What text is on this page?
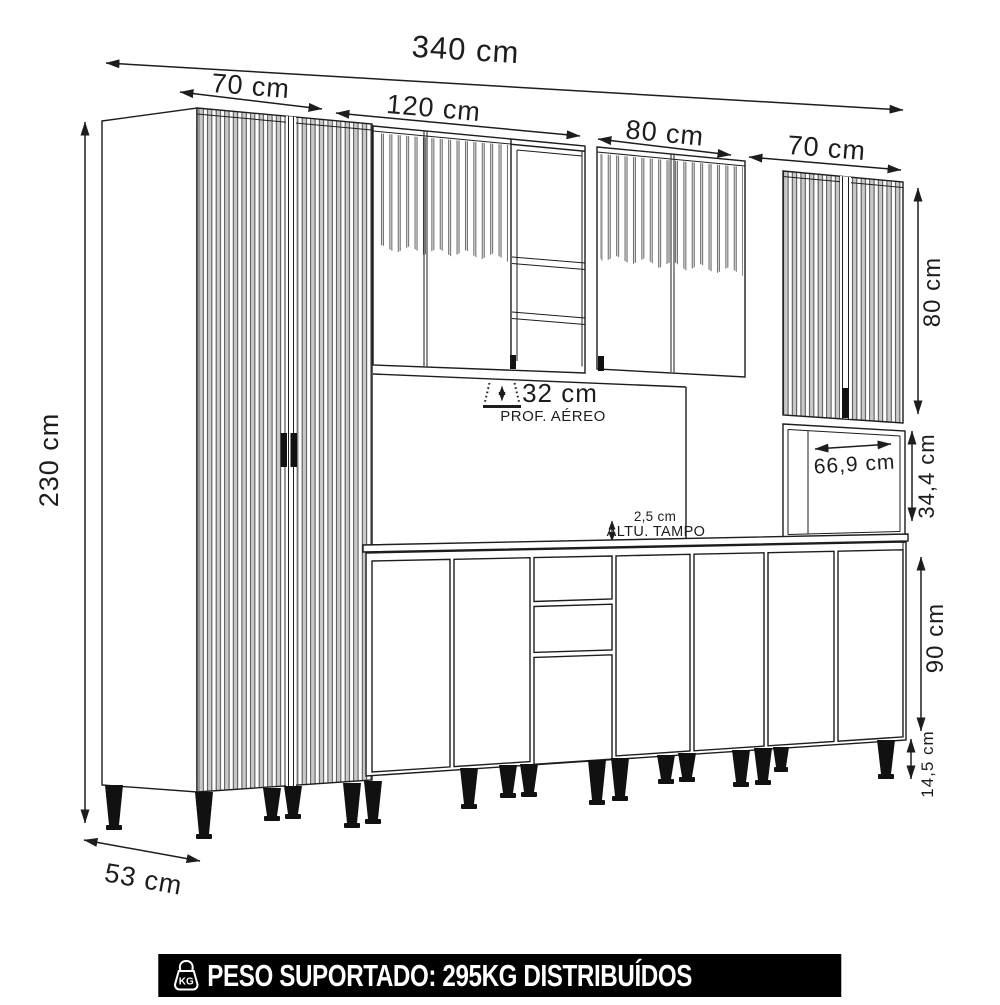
66,9 cm
32 cm
PROF. AÉREO
2,5 cm
ALTU. TAMPO
340 cm
70 cm
120 cm
80 cm	70 cm
230 cm
80 cm
34,4 cm
90 cm
14,5 cm
53 cm
KG PESO SUPORTADO: 295KG DISTRIBUÍDOS
